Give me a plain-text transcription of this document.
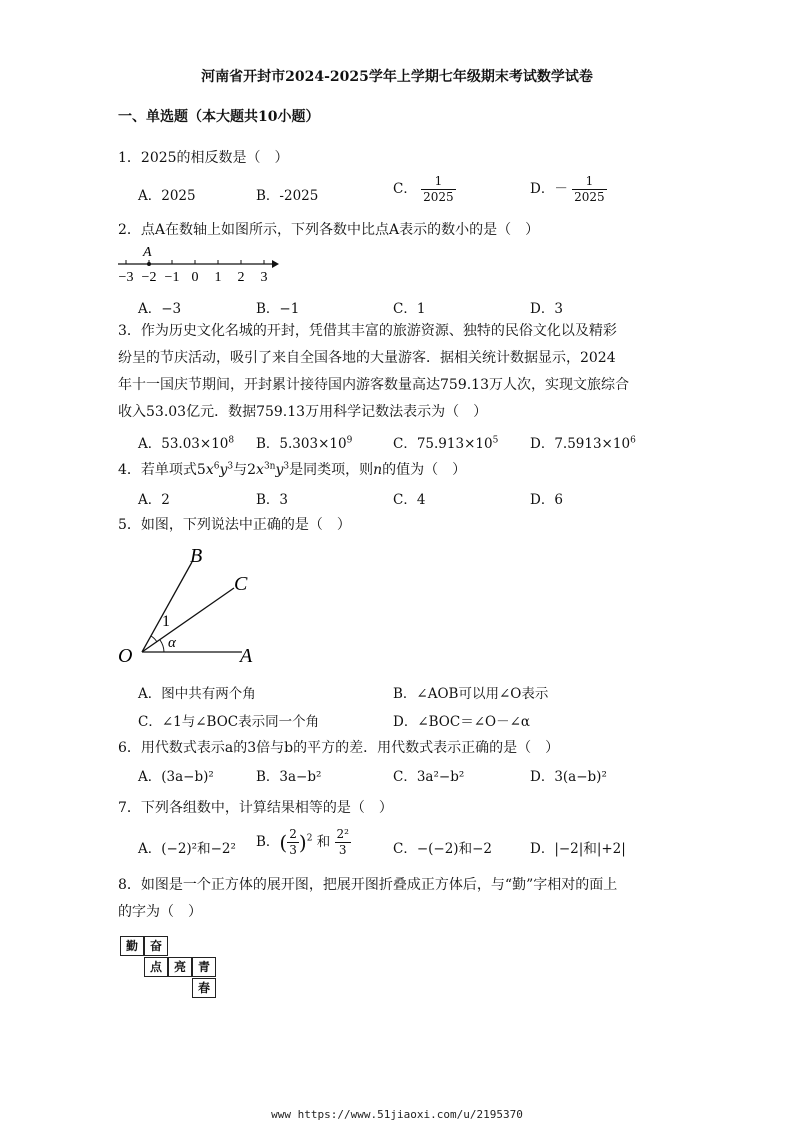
河南省开封市2024-2025学年上学期七年级期末考试数学试卷
一、单选题（本大题共10小题）
1．2025的相反数是（　）
A．2025	B．-2025	C． $\frac{1}{2025}$	D．－ $\frac{1}{2025}$
2．点A在数轴上如图所示，下列各数中比点A表示的数小的是（　）
−3 −2 −1 0 1 2 3
A
A．−3	B．−1	C．1	D．3
3．作为历史文化名城的开封，凭借其丰富的旅游资源、独特的民俗文化以及精彩
纷呈的节庆活动，吸引了来自全国各地的大量游客．据相关统计数据显示，2024
年十一国庆节期间，开封累计接待国内游客数量高达759.13万人次，实现文旅综合
收入53.03亿元．数据759.13万用科学记数法表示为（　）
A．$53.03\times 10^8$ B．$5.303\times 10^9$	C．$75.913\times 10^5$ D．$7.5913\times 10^6$
4．若单项式$5x^6y^3$与$2x^{3n}y^3$是同类项，则n的值为（　）
A．2	B．3	C．4	D．6
5．如图，下列说法中正确的是（　）
O	A
B
C
1
α
A．图中共有两个角	B．∠AOB可以用∠O表示
C．∠1与∠BOC表示同一个角	D．∠BOC＝∠O－∠α
6．用代数式表示a的3倍与b的平方的差．用代数式表示正确的是（　）
A．(3a−b)²	B．3a−b²	C．3a²−b²	D．3(a−b)²
7．下列各组数中，计算结果相等的是（　）
A．(−2)²和−2² B．( $\frac{2}{3} )^2$ 和 $\frac{\text{2²}}{3}$	C．−(−2)和−2	D．|−2|和|+2|
8．如图是一个正方体的展开图，把展开图折叠成正方体后，与“勤”字相对的面上
的字为（　）
勤 奋
点 亮 青
春
www https://www.51jiaoxi.com/u/2195370
